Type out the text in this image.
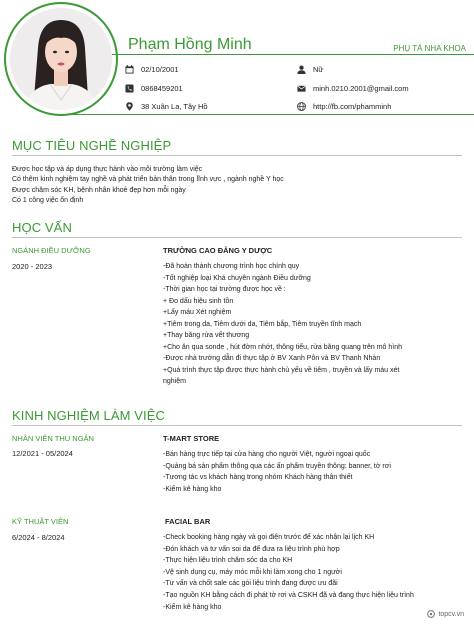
Phạm Hồng Minh	PHỤ TÁ NHA KHOA
02/10/2001	Nữ
0868459201	minh.0210.2001@gmail.com
38 Xuân La, Tây Hồ	http://fb.com/phamminh
MỤC TIÊU NGHỀ NGHIỆP
Được học tập và áp dụng thực hành vào môi trường làm việc
Có thêm kinh nghiệm tay nghề và phát triển bản thân trong lĩnh vực , ngành nghề Y học
Được chăm sóc KH, bệnh nhân khoẻ đẹp hơn mỗi ngày
Có 1 công việc ổn định
HỌC VẤN
NGÀNH ĐIỀU DƯỠNG
2020 - 2023
TRƯỜNG CAO ĐẲNG Y DƯỢC
-Đã hoàn thành chương trình học chính quy
-Tốt nghiệp loại Khá chuyên ngành Điều dưỡng
-Thời gian học tại trường được học về :
+ Đo dấu hiệu sinh tồn
+Lấy máu Xét nghiệm
+Tiêm trong da, Tiêm dưới da, Tiêm bắp, Tiêm truyền tĩnh mạch
+Thay băng rửa vết thương
+Cho ăn qua sonde , hút đờm nhớt, thông tiểu, rửa băng quang trên mô hình
-Được nhà trường dẫn đi thực tập ở BV Xanh Pôn và BV Thanh Nhàn
+Quá trình thực tập được thực hành chủ yếu về tiêm , truyền và lấy máu xét
nghiệm
KINH NGHIỆM LÀM VIỆC
NHÂN VIÊN THU NGÂN
12/2021 - 05/2024
T-MART STORE
-Bán hàng trực tiếp tại cửa hàng cho người Việt, người ngoại quốc
-Quảng bá sản phẩm thông qua các ấn phẩm truyền thông: banner, tờ rơi
-Tương tác vs khách hàng trong nhóm Khách hàng thân thiết
-Kiểm kê hàng kho
KỸ THUẬT VIÊN
6/2024 - 8/2024
FACIAL BAR
-Check booking hàng ngày và gọi điện trước để xác nhận lại lịch KH
-Đón khách và tư vấn soi da để đưa ra liệu trình phù hợp
-Thực hiện liệu trình chăm sóc da cho KH
-Vệ sinh dụng cụ, máy móc mỗi khi làm xong cho 1 người
-Tư vấn và chốt sale các gói liệu trình đang được ưu đãi
-Tạo nguồn KH bằng cách đi phát tờ rơi và CSKH đã và đang thực hiện liệu trình
-Kiểm kê hàng kho
topcv.vn
